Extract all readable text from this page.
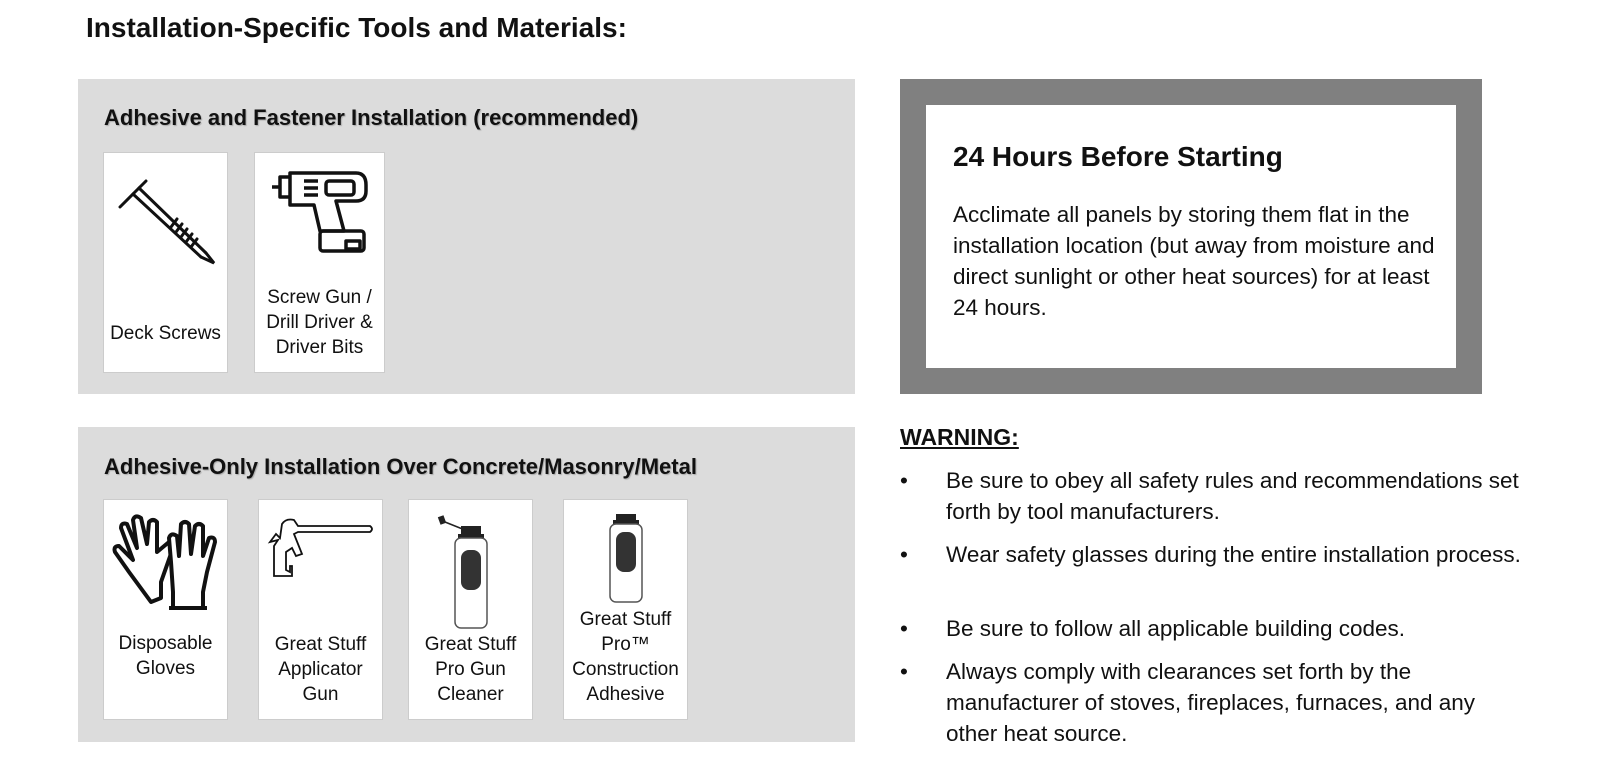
Installation-Specific Tools and Materials:
Adhesive and Fastener Installation (recommended)
Deck Screws
Screw Gun / Drill Driver & Driver Bits
Adhesive-Only Installation Over Concrete/Masonry/Metal
Disposable Gloves
Great Stuff Applicator Gun
Great Stuff Pro Gun Cleaner
Great Stuff Pro™ Construction Adhesive
24 Hours Before Starting
Acclimate all panels by storing them flat in the installation location (but away from moisture and direct sunlight or other heat sources) for at least 24 hours.
WARNING:
• Be sure to obey all safety rules and recommendations set forth by tool manufacturers.
• Wear safety glasses during the entire installation process.
• Be sure to follow all applicable building codes.
• Always comply with clearances set forth by the manufacturer of stoves, fireplaces, furnaces, and any other heat source.
